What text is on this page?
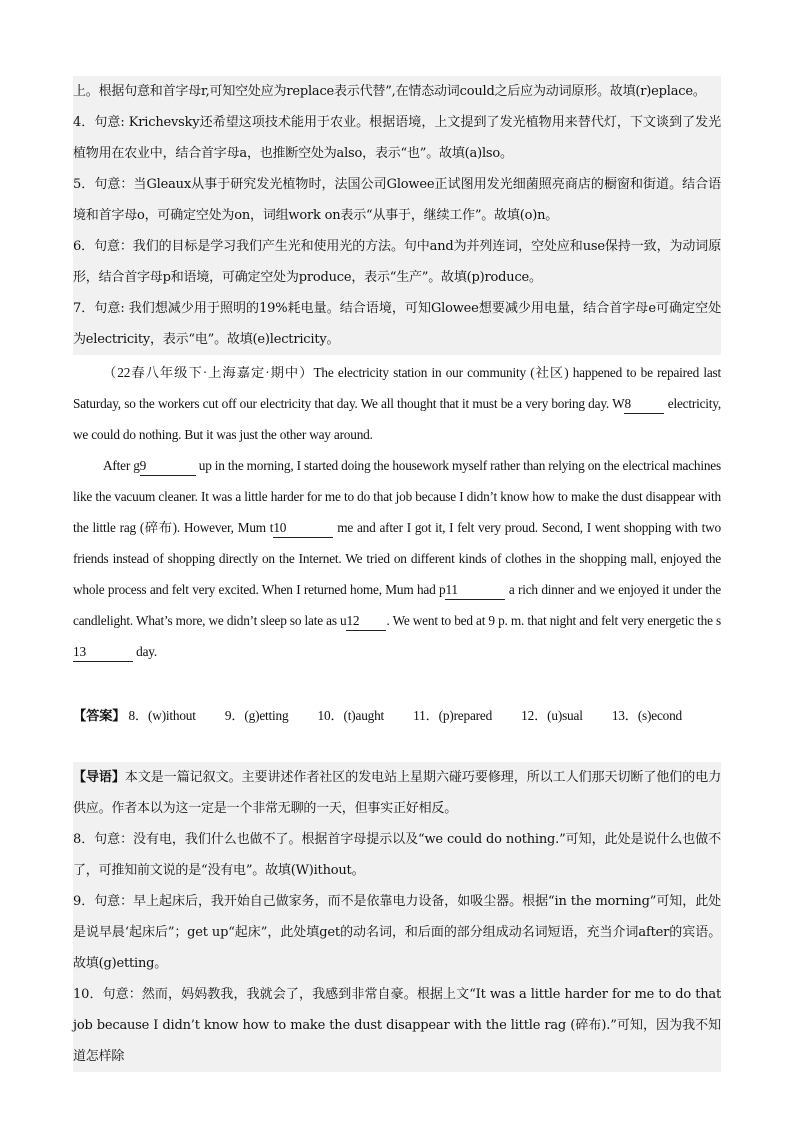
上。根据句意和首字母r,可知空处应为replace表示代替”,在情态动词could之后应为动词原形。故填(r)eplace。

4．句意: Krichevsky还希望这项技术能用于农业。根据语境，上文提到了发光植物用来替代灯，下文谈到了发光植物用在农业中，结合首字母a，也推断空处为also，表示“也”。故填(a)lso。

5．句意：当Gleaux从事于研究发光植物时，法国公司Glowee正试图用发光细菌照亮商店的橱窗和街道。结合语境和首字母o，可确定空处为on，词组work on表示“从事于，继续工作”。故填(o)n。

6．句意：我们的目标是学习我们产生光和使用光的方法。句中and为并列连词，空处应和use保持一致，为动词原形，结合首字母p和语境，可确定空处为produce，表示“生产”。故填(p)roduce。

7．句意: 我们想减少用于照明的19%耗电量。结合语境，可知Glowee想要减少用电量，结合首字母e可确定空处为electricity，表示“电”。故填(e)lectricity。

（22春八年级下·上海嘉定·期中）The electricity station in our community (社区) happened to be repaired last Saturday, so the workers cut off our electricity that day. We all thought that it must be a very boring day. W8	electricity, we could do nothing. But it was just the other way around.

After g9	up in the morning, I started doing the housework myself rather than relying on the electrical machines like the vacuum cleaner. It was a little harder for me to do that job because I didn’t know how to make the dust disappear with the little rag (碎布). However, Mum t10	me and after I got it, I felt very proud. Second, I went shopping with two friends instead of shopping directly on the Internet. We tried on different kinds of clothes in the shopping mall, enjoyed the whole process and felt very excited. When I returned home, Mum had p11	a rich dinner and we enjoyed it under the candlelight. What’s more, we didn’t sleep so late as u12 . We went to bed at 9 p. m. that night and felt very energetic the s13	day.

【答案】 8．(w)ithout 9．(g)etting 10．(t)aught 11．(p)repared 12．(u)sual 13．(s)econd

【导语】本文是一篇记叙文。主要讲述作者社区的发电站上星期六碰巧要修理，所以工人们那天切断了他们的电力供应。作者本以为这一定是一个非常无聊的一天，但事实正好相反。

8．句意：没有电，我们什么也做不了。根据首字母提示以及“we could do nothing.”可知，此处是说什么也做不了，可推知前文说的是“没有电”。故填(W)ithout。

9．句意：早上起床后，我开始自己做家务，而不是依靠电力设备，如吸尘器。根据“in the morning”可知，此处是说早晨‘起床后”；get up“起床”，此处填get的动名词，和后面的部分组成动名词短语，充当介词after的宾语。故填(g)etting。

10．句意：然而，妈妈教我，我就会了，我感到非常自豪。根据上文“It was a little harder for me to do that job because I didn’t know how to make the dust disappear with the little rag (碎布).”可知，因为我不知道怎样除
